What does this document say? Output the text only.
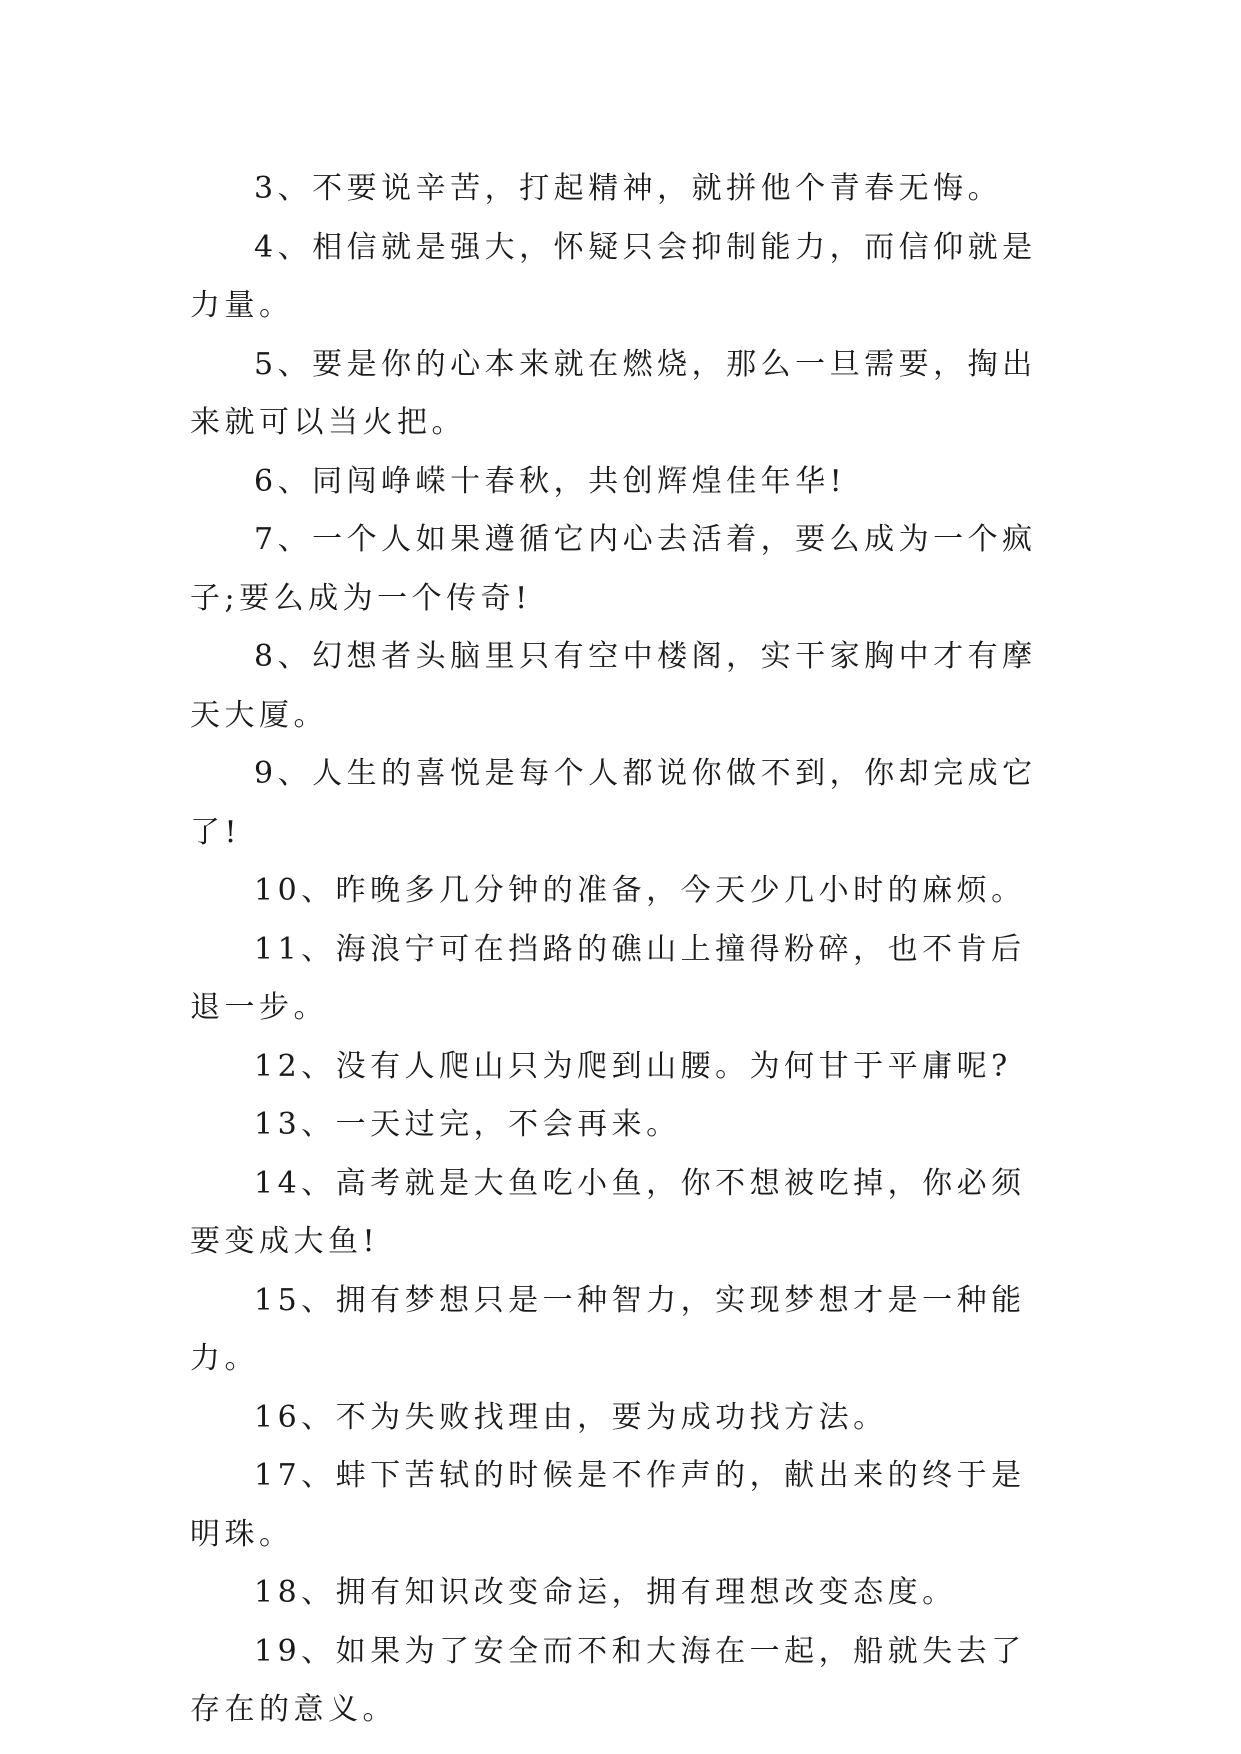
3、不要说辛苦，打起精神，就拼他个青春无悔。

4、相信就是强大，怀疑只会抑制能力，而信仰就是力量。

5、要是你的心本来就在燃烧，那么一旦需要，掏出来就可以当火把。

6、同闯峥嵘十春秋，共创辉煌佳年华!

7、一个人如果遵循它内心去活着，要么成为一个疯子;要么成为一个传奇!

8、幻想者头脑里只有空中楼阁，实干家胸中才有摩天大厦。

9、人生的喜悦是每个人都说你做不到，你却完成它了!

10、昨晚多几分钟的准备，今天少几小时的麻烦。

11、海浪宁可在挡路的礁山上撞得粉碎，也不肯后退一步。

12、没有人爬山只为爬到山腰。为何甘于平庸呢?

13、一天过完，不会再来。

14、高考就是大鱼吃小鱼，你不想被吃掉，你必须要变成大鱼!

15、拥有梦想只是一种智力，实现梦想才是一种能力。

16、不为失败找理由，要为成功找方法。

17、蚌下苦轼的时候是不作声的，献出来的终于是明珠。

18、拥有知识改变命运，拥有理想改变态度。

19、如果为了安全而不和大海在一起，船就失去了存在的意义。
